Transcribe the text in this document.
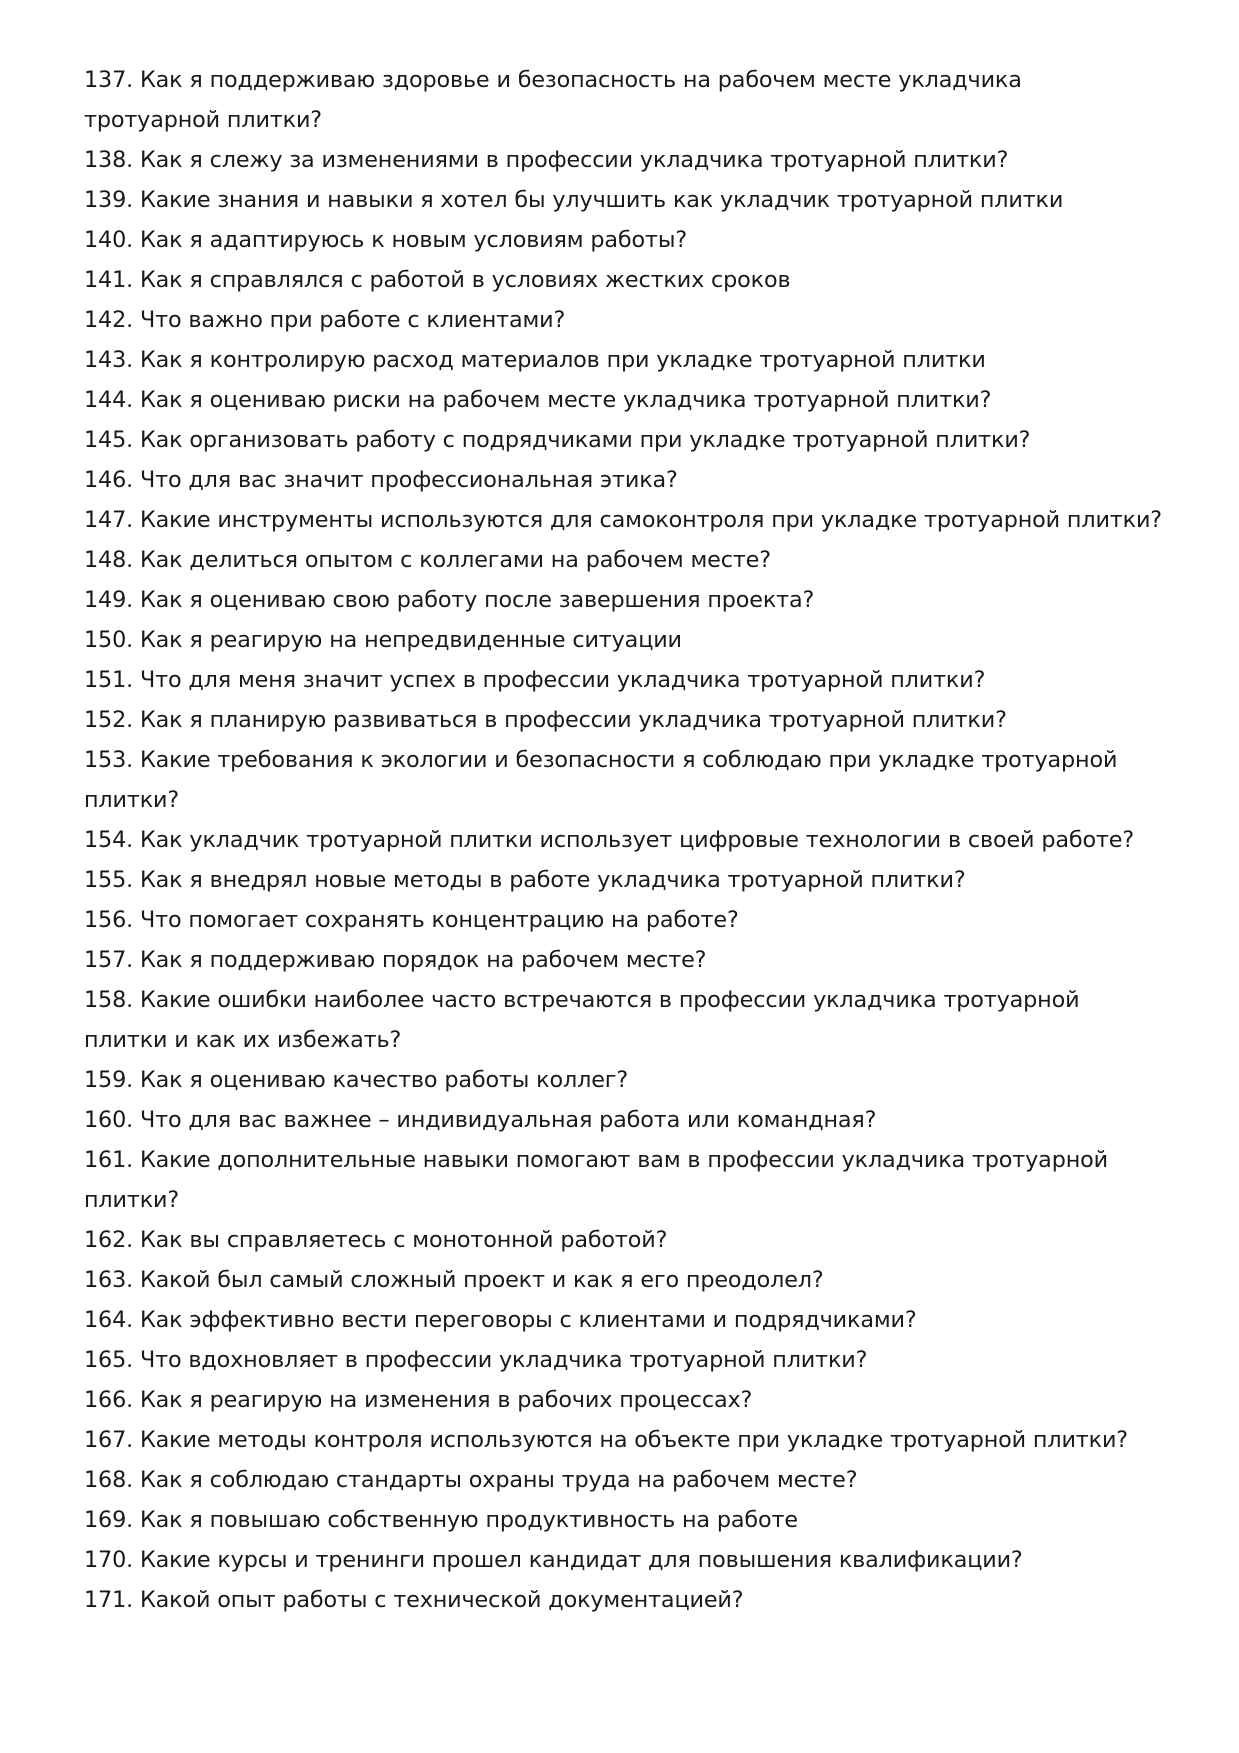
137. Как я поддерживаю здоровье и безопасность на рабочем месте укладчика тротуарной плитки?

138. Как я слежу за изменениями в профессии укладчика тротуарной плитки?

139. Какие знания и навыки я хотел бы улучшить как укладчик тротуарной плитки

140. Как я адаптируюсь к новым условиям работы?

141. Как я справлялся с работой в условиях жестких сроков

142. Что важно при работе с клиентами?

143. Как я контролирую расход материалов при укладке тротуарной плитки

144. Как я оцениваю риски на рабочем месте укладчика тротуарной плитки?

145. Как организовать работу с подрядчиками при укладке тротуарной плитки?

146. Что для вас значит профессиональная этика?

147. Какие инструменты используются для самоконтроля при укладке тротуарной плитки?

148. Как делиться опытом с коллегами на рабочем месте?

149. Как я оцениваю свою работу после завершения проекта?

150. Как я реагирую на непредвиденные ситуации

151. Что для меня значит успех в профессии укладчика тротуарной плитки?

152. Как я планирую развиваться в профессии укладчика тротуарной плитки?

153. Какие требования к экологии и безопасности я соблюдаю при укладке тротуарной плитки?

154. Как укладчик тротуарной плитки использует цифровые технологии в своей работе?

155. Как я внедрял новые методы в работе укладчика тротуарной плитки?

156. Что помогает сохранять концентрацию на работе?

157. Как я поддерживаю порядок на рабочем месте?

158. Какие ошибки наиболее часто встречаются в профессии укладчика тротуарной плитки и как их избежать?

159. Как я оцениваю качество работы коллег?

160. Что для вас важнее – индивидуальная работа или командная?

161. Какие дополнительные навыки помогают вам в профессии укладчика тротуарной плитки?

162. Как вы справляетесь с монотонной работой?

163. Какой был самый сложный проект и как я его преодолел?

164. Как эффективно вести переговоры с клиентами и подрядчиками?

165. Что вдохновляет в профессии укладчика тротуарной плитки?

166. Как я реагирую на изменения в рабочих процессах?

167. Какие методы контроля используются на объекте при укладке тротуарной плитки?

168. Как я соблюдаю стандарты охраны труда на рабочем месте?

169. Как я повышаю собственную продуктивность на работе

170. Какие курсы и тренинги прошел кандидат для повышения квалификации?

171. Какой опыт работы с технической документацией?
